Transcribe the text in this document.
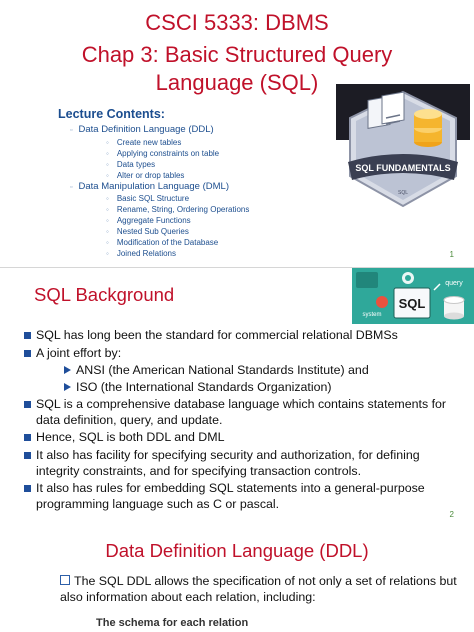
CSCI 5333: DBMS
Chap 3: Basic Structured Query
Language (SQL)
Lecture Contents:
▫ Data Definition Language (DDL)
◦ Create new tables
◦ Applying constraints on table
◦ Data types
◦ Alter or drop tables
▫ Data Manipulation Language (DML)
◦ Basic SQL Structure
◦ Rename, String, Ordering Operations
◦ Aggregate Functions
◦ Nested Sub Queries
◦ Modification of the Database
◦ Joined Relations
SQL FUNDAMENTALS
SQL
1
SQL Background	SQL
query
system
SQL has long been the standard for commercial relational DBMSs
A joint effort by:
ANSI (the American National Standards Institute) and
ISO (the International Standards Organization)
SQL is a comprehensive database language which contains statements for data definition, query, and update.
Hence, SQL is both DDL and DML
It also has facility for specifying security and authorization, for defining integrity constraints, and for specifying transaction controls.
It also has rules for embedding SQL statements into a general-purpose programming language such as C or pascal.
2
Data Definition Language (DDL)
The SQL DDL allows the specification of not only a set of relations but also information about each relation, including:
The schema for each relation
